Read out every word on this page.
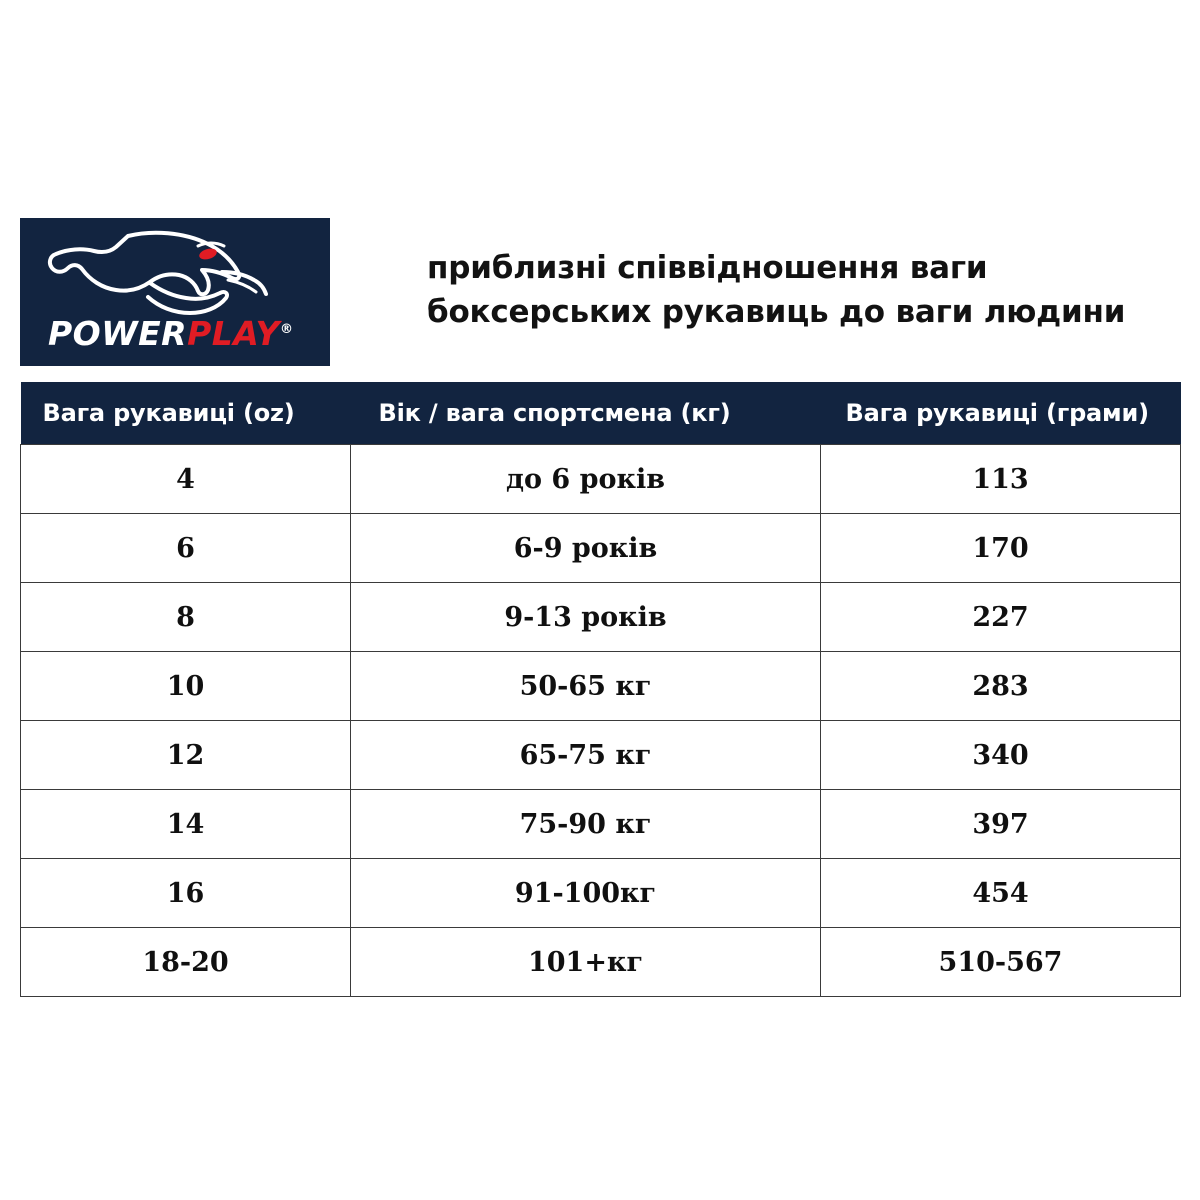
POWERPLAY®
приблизні співвідношення ваги
боксерських рукавиць до ваги людини
Вага рукавиці (oz)	Вік / вага спортсмена (кг)	Вага рукавиці (грами)
4	до 6 років	113
6	6-9 років	170
8	9-13 років	227
10	50-65 кг	283
12	65-75 кг	340
14	75-90 кг	397
16	91-100кг	454
18-20	101+кг	510-567
